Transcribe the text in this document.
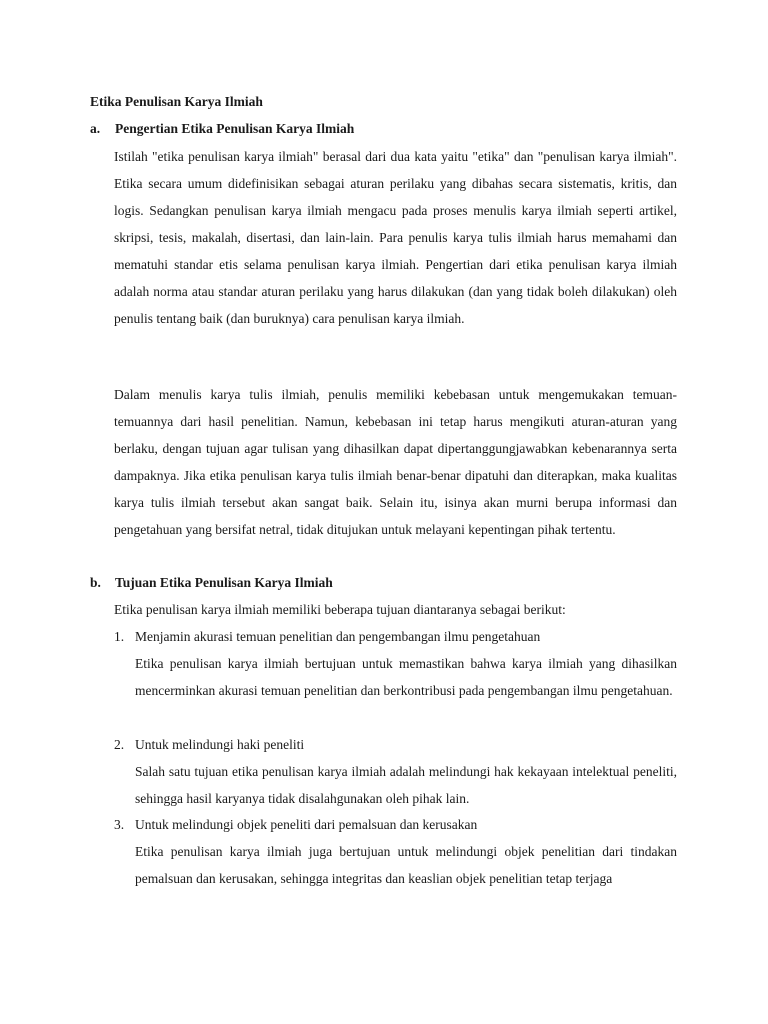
Etika Penulisan Karya Ilmiah

a. Pengertian Etika Penulisan Karya Ilmiah

Istilah "etika penulisan karya ilmiah" berasal dari dua kata yaitu "etika" dan "penulisan karya ilmiah". Etika secara umum didefinisikan sebagai aturan perilaku yang dibahas secara sistematis, kritis, dan logis. Sedangkan penulisan karya ilmiah mengacu pada proses menulis karya ilmiah seperti artikel, skripsi, tesis, makalah, disertasi, dan lain-lain. Para penulis karya tulis ilmiah harus memahami dan mematuhi standar etis selama penulisan karya ilmiah. Pengertian dari etika penulisan karya ilmiah adalah norma atau standar aturan perilaku yang harus dilakukan (dan yang tidak boleh dilakukan) oleh penulis tentang baik (dan buruknya) cara penulisan karya ilmiah.

Dalam menulis karya tulis ilmiah, penulis memiliki kebebasan untuk mengemukakan temuan-temuannya dari hasil penelitian. Namun, kebebasan ini tetap harus mengikuti aturan-aturan yang berlaku, dengan tujuan agar tulisan yang dihasilkan dapat dipertanggungjawabkan kebenarannya serta dampaknya. Jika etika penulisan karya tulis ilmiah benar-benar dipatuhi dan diterapkan, maka kualitas karya tulis ilmiah tersebut akan sangat baik. Selain itu, isinya akan murni berupa informasi dan pengetahuan yang bersifat netral, tidak ditujukan untuk melayani kepentingan pihak tertentu.

b. Tujuan Etika Penulisan Karya Ilmiah

Etika penulisan karya ilmiah memiliki beberapa tujuan diantaranya sebagai berikut:

1. Menjamin akurasi temuan penelitian dan pengembangan ilmu pengetahuan

Etika penulisan karya ilmiah bertujuan untuk memastikan bahwa karya ilmiah yang dihasilkan mencerminkan akurasi temuan penelitian dan berkontribusi pada pengembangan ilmu pengetahuan.

2. Untuk melindungi haki peneliti

Salah satu tujuan etika penulisan karya ilmiah adalah melindungi hak kekayaan intelektual peneliti, sehingga hasil karyanya tidak disalahgunakan oleh pihak lain.

3. Untuk melindungi objek peneliti dari pemalsuan dan kerusakan

Etika penulisan karya ilmiah juga bertujuan untuk melindungi objek penelitian dari tindakan pemalsuan dan kerusakan, sehingga integritas dan keaslian objek penelitian tetap terjaga
